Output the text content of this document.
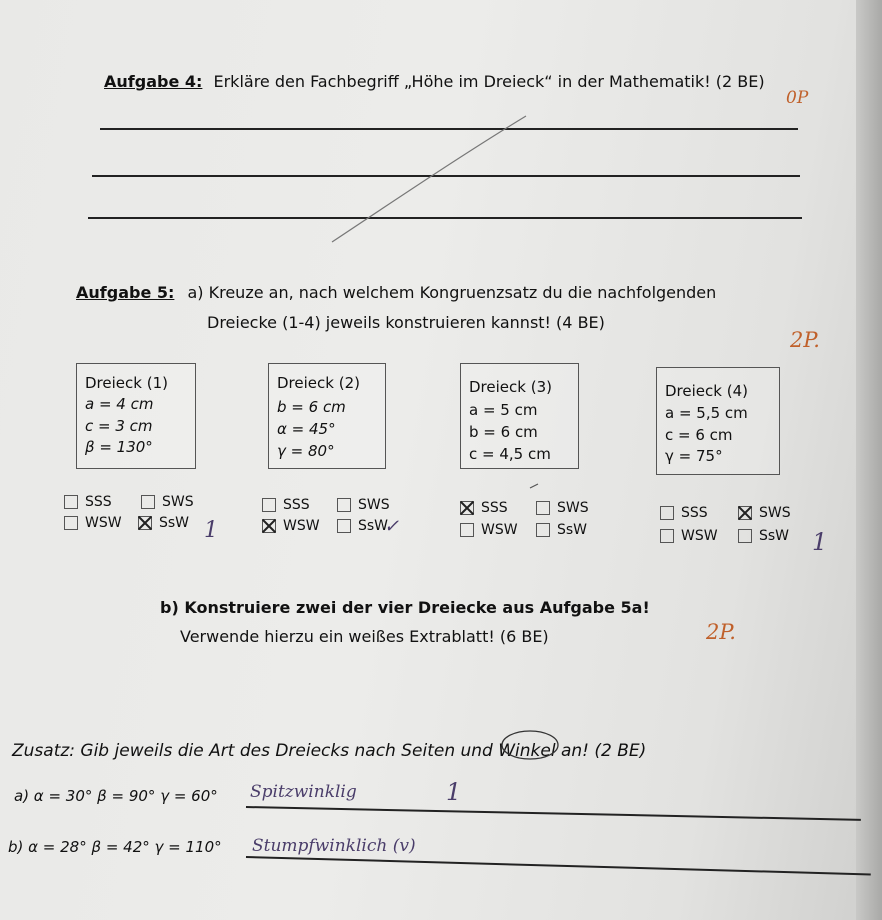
Aufgabe 4: Erkläre den Fachbegriff „Höhe im Dreieck“ in der Mathematik! (2 BE)
0P
Aufgabe 5: a) Kreuze an, nach welchem Kongruenzsatz du die nachfolgenden
Dreiecke (1-4) jeweils konstruieren kannst! (4 BE)
2P.
Dreieck (1)
a = 4 cm
c = 3 cm
β = 130°
Dreieck (2)
b = 6 cm
α = 45°
γ = 80°
Dreieck (3)
a = 5 cm
b = 6 cm
c = 4,5 cm
Dreieck (4)
a = 5,5 cm
c = 6 cm
γ = 75°
SSS	SWS
WSW	SsW 1
SSS	SWS
WSW	SsW
✓
SSS	SWS
WSW	SsW
SSS	SWS
WSW	SsW 1
b) Konstruiere zwei der vier Dreiecke aus Aufgabe 5a!
Verwende hierzu ein weißes Extrablatt! (6 BE)	2P.
Zusatz: Gib jeweils die Art des Dreiecks nach Seiten und Winkel an! (2 BE)
a) α = 30° β = 90° γ = 60° Spitzwinklig	1
b) α = 28° β = 42° γ = 110° Stumpfwinklich (v)
